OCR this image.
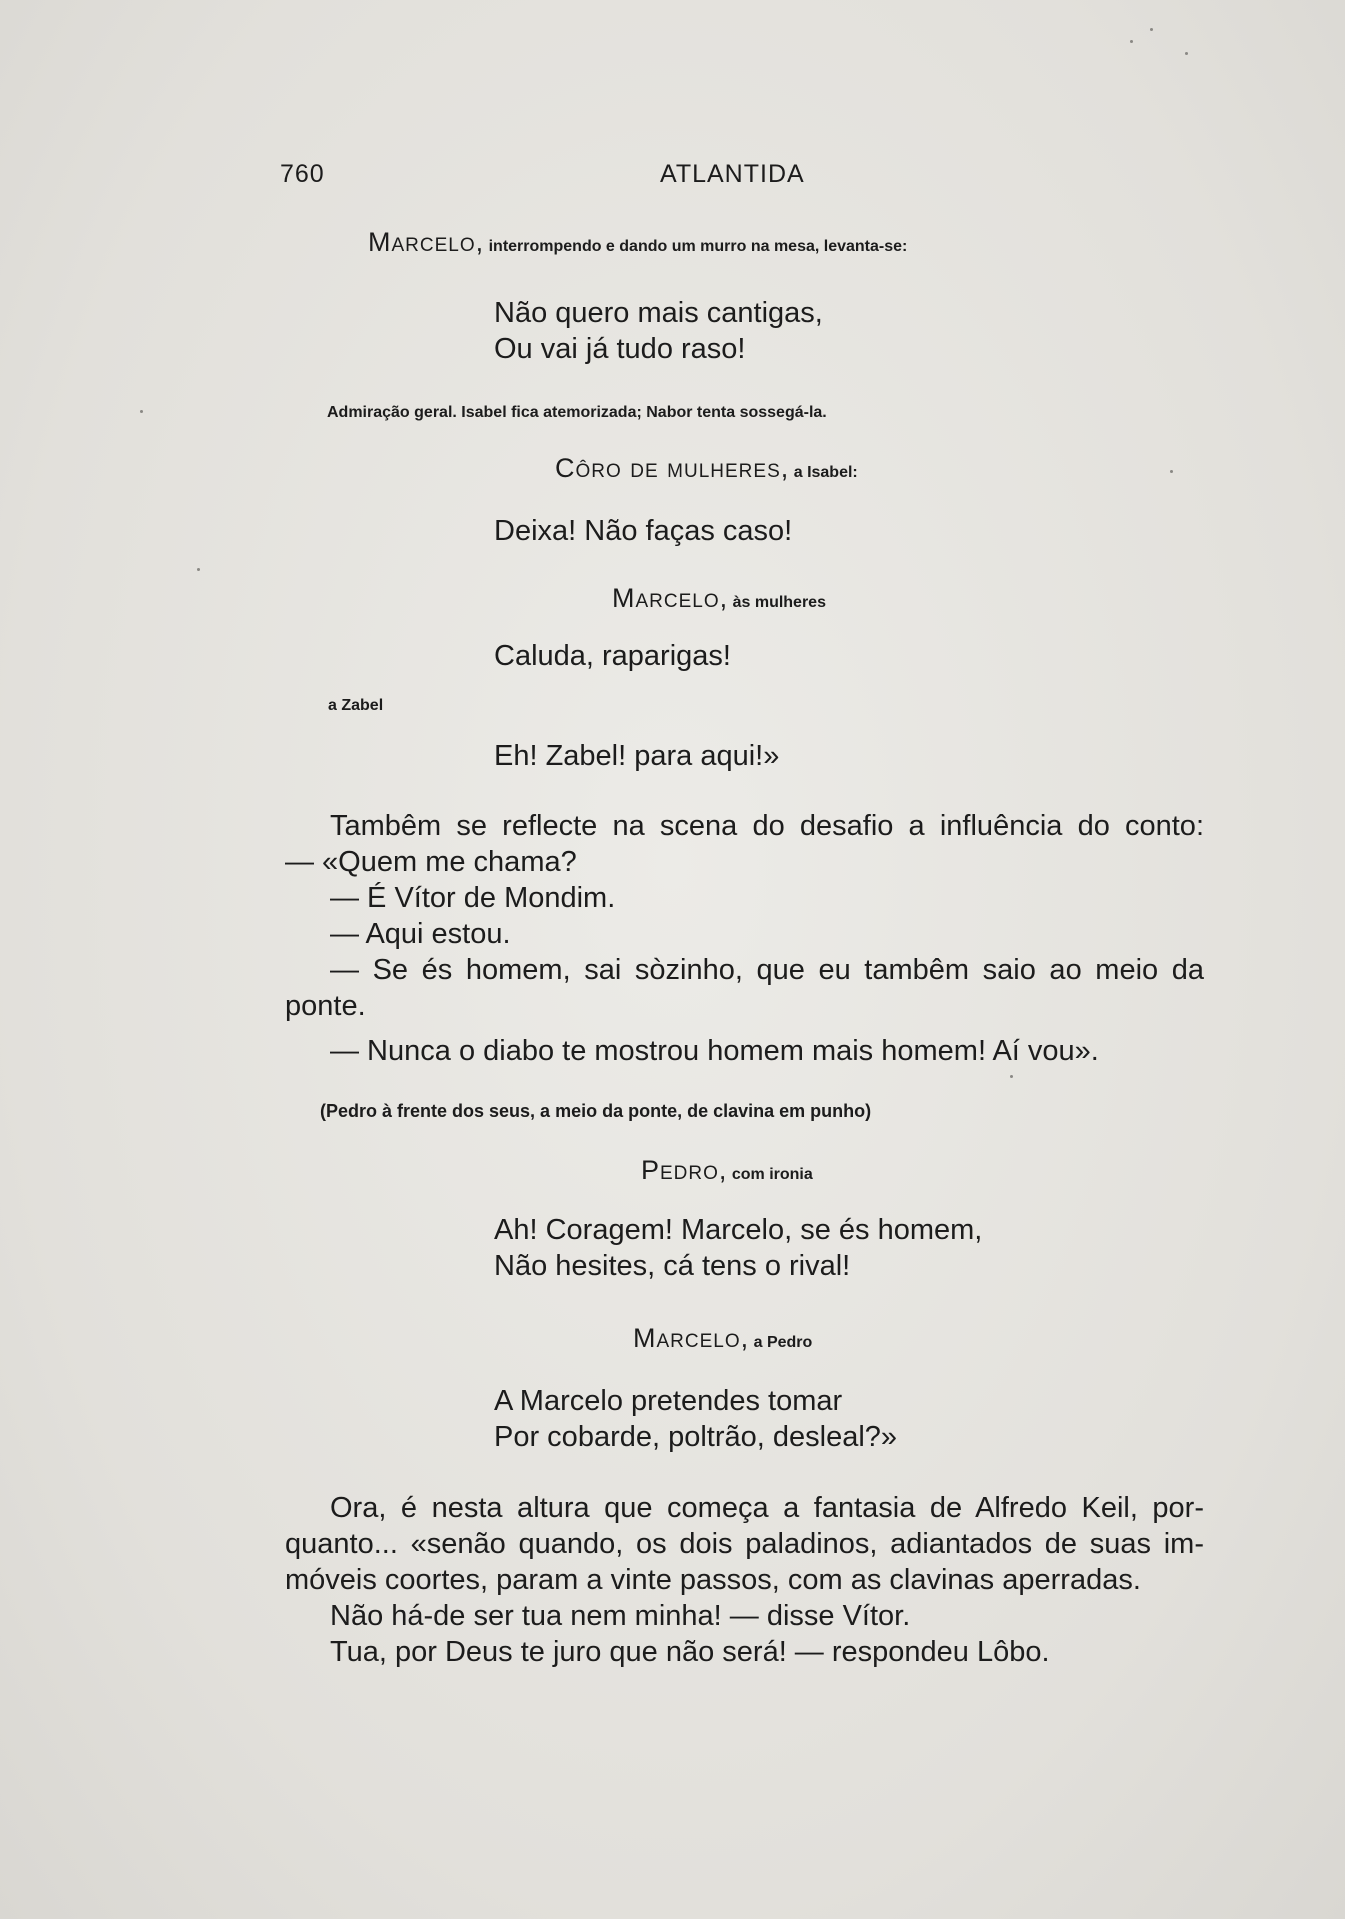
760	ATLANTIDA
Marcelo, interrompendo e dando um murro na mesa, levanta-se:
Não quero mais cantigas,
Ou vai já tudo raso!
Admiração geral. Isabel fica atemorizada; Nabor tenta sossegá-la.
Côro de mulheres, a Isabel:
Deixa! Não faças caso!
Marcelo, às mulheres
Caluda, raparigas!
a Zabel
Eh! Zabel! para aqui!»
Tambêm se reflecte na scena do desafio a influência do conto:
— «Quem me chama?
— É Vítor de Mondim.
— Aqui estou.
— Se és homem, sai sòzinho, que eu tambêm saio ao meio da
ponte.
— Nunca o diabo te mostrou homem mais homem! Aí vou».
(Pedro à frente dos seus, a meio da ponte, de clavina em punho)
Pedro, com ironia
Ah! Coragem! Marcelo, se és homem,
Não hesites, cá tens o rival!
Marcelo, a Pedro
A Marcelo pretendes tomar
Por cobarde, poltrão, desleal?»
Ora, é nesta altura que começa a fantasia de Alfredo Keil, por-
quanto... «senão quando, os dois paladinos, adiantados de suas im-
móveis coortes, param a vinte passos, com as clavinas aperradas.
Não há-de ser tua nem minha! — disse Vítor.
Tua, por Deus te juro que não será! — respondeu Lôbo.
